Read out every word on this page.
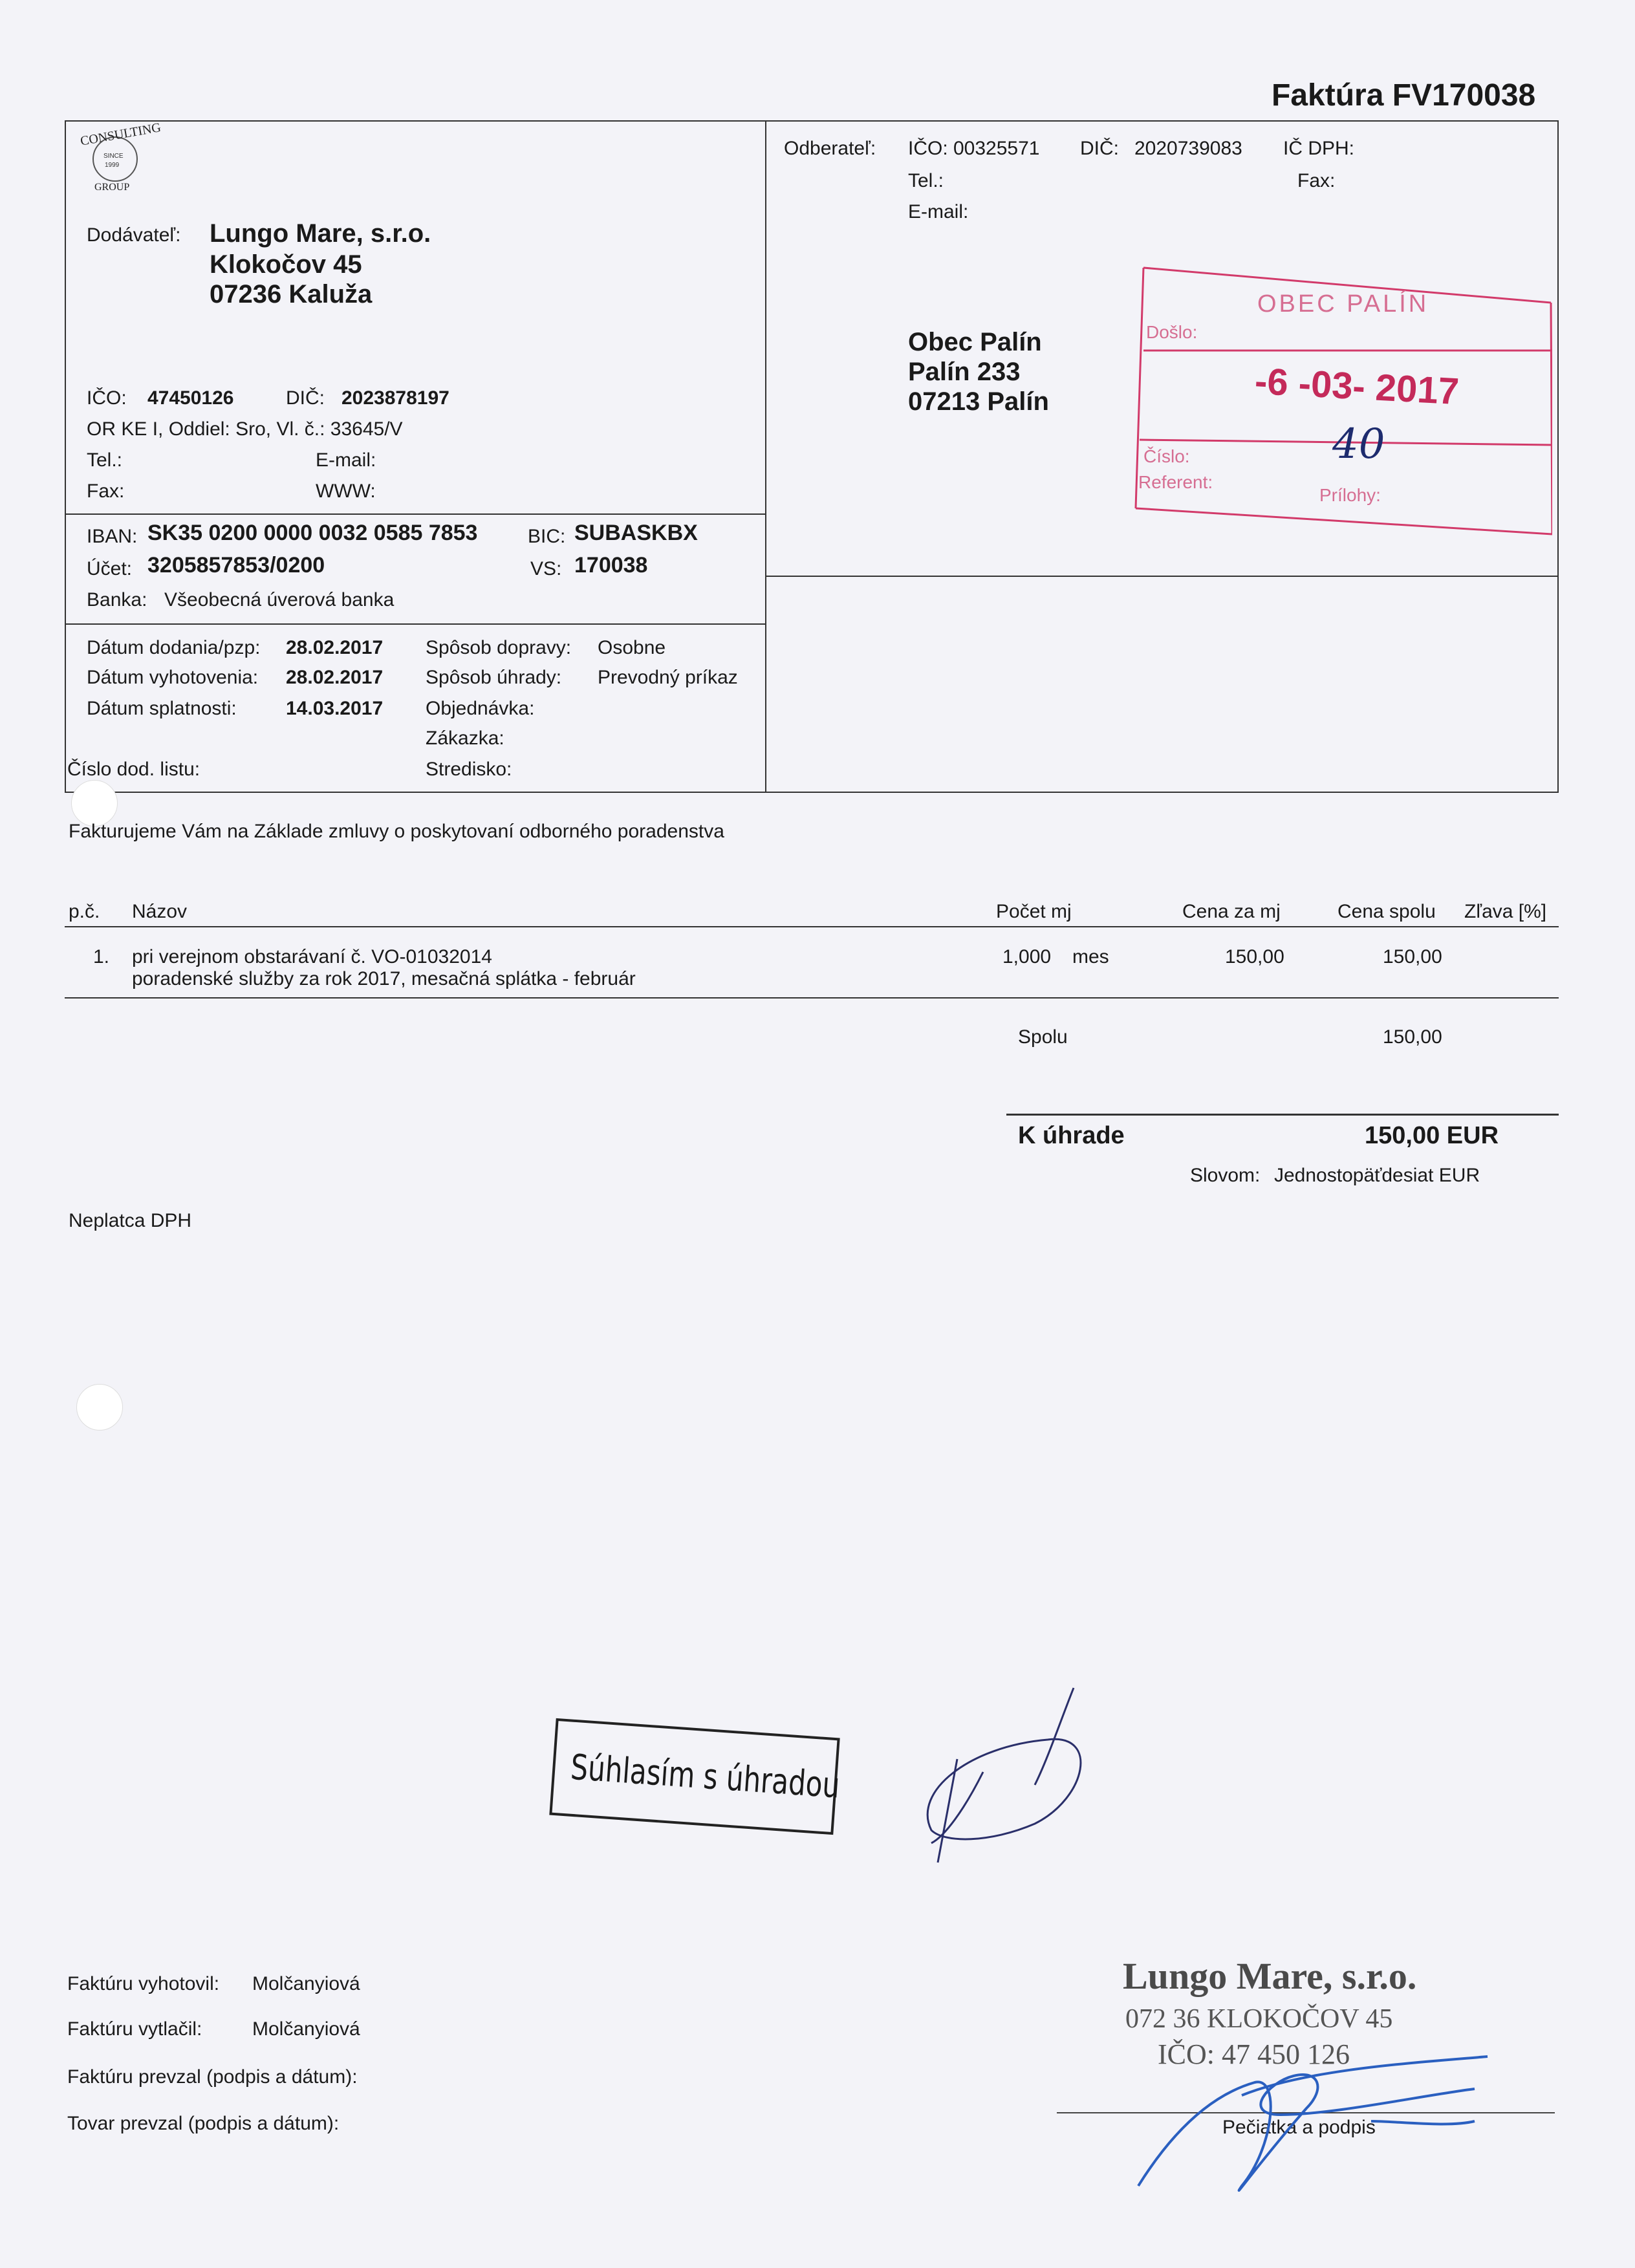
Faktúra FV170038
CONSULTING
SINCE
1999
GROUP
Dodávateľ: Lungo Mare, s.r.o.
Klokočov 45
07236 Kaluža
IČO: 47450126	DIČ: 2023878197
OR KE I, Oddiel: Sro, Vl. č.: 33645/V
Tel.:	E-mail:
Fax:	WWW:
IBAN: SK35 0200 0000 0032 0585 7853	BIC: SUBASKBX
Účet: 3205857853/0200	VS: 170038
Banka: Všeobecná úverová banka
Dátum dodania/pzp: 28.02.2017
Dátum vyhotovenia: 28.02.2017
Dátum splatnosti:	14.03.2017
Číslo dod. listu:
Spôsob dopravy: Osobne
Spôsob úhrady: Prevodný príkaz
Objednávka:
Zákazka:
Stredisko:
Odberateľ: IČO: 00325571 DIČ: 2020739083 IČ DPH:
Tel.:	Fax:
E-mail:
Obec Palín
Palín 233
07213 Palín
OBEC PALÍN
Došlo:
-6 -03- 2017
Číslo:
Referent:
40
Prílohy:
Fakturujeme Vám na Základe zmluvy o poskytovaní odborného poradenstva
p.č. Názov	Počet mj	Cena za mj	Cena spolu Zľava [%]
1. pri verejnom obstarávaní č. VO-01032014
poradenské služby za rok 2017, mesačná splátka - február
1,000 mes	150,00	150,00
Spolu	150,00
K úhrade	150,00 EUR
Slovom: Jednostopäťdesiat EUR
Neplatca DPH
Súhlasím s úhradou
Faktúru vyhotovil: Molčanyiová
Faktúru vytlačil:	Molčanyiová
Faktúru prevzal (podpis a dátum):
Tovar prevzal (podpis a dátum):
Lungo Mare, s.r.o.
072 36 KLOKOČOV 45
IČO: 47 450 126
Pečiatka a podpis
